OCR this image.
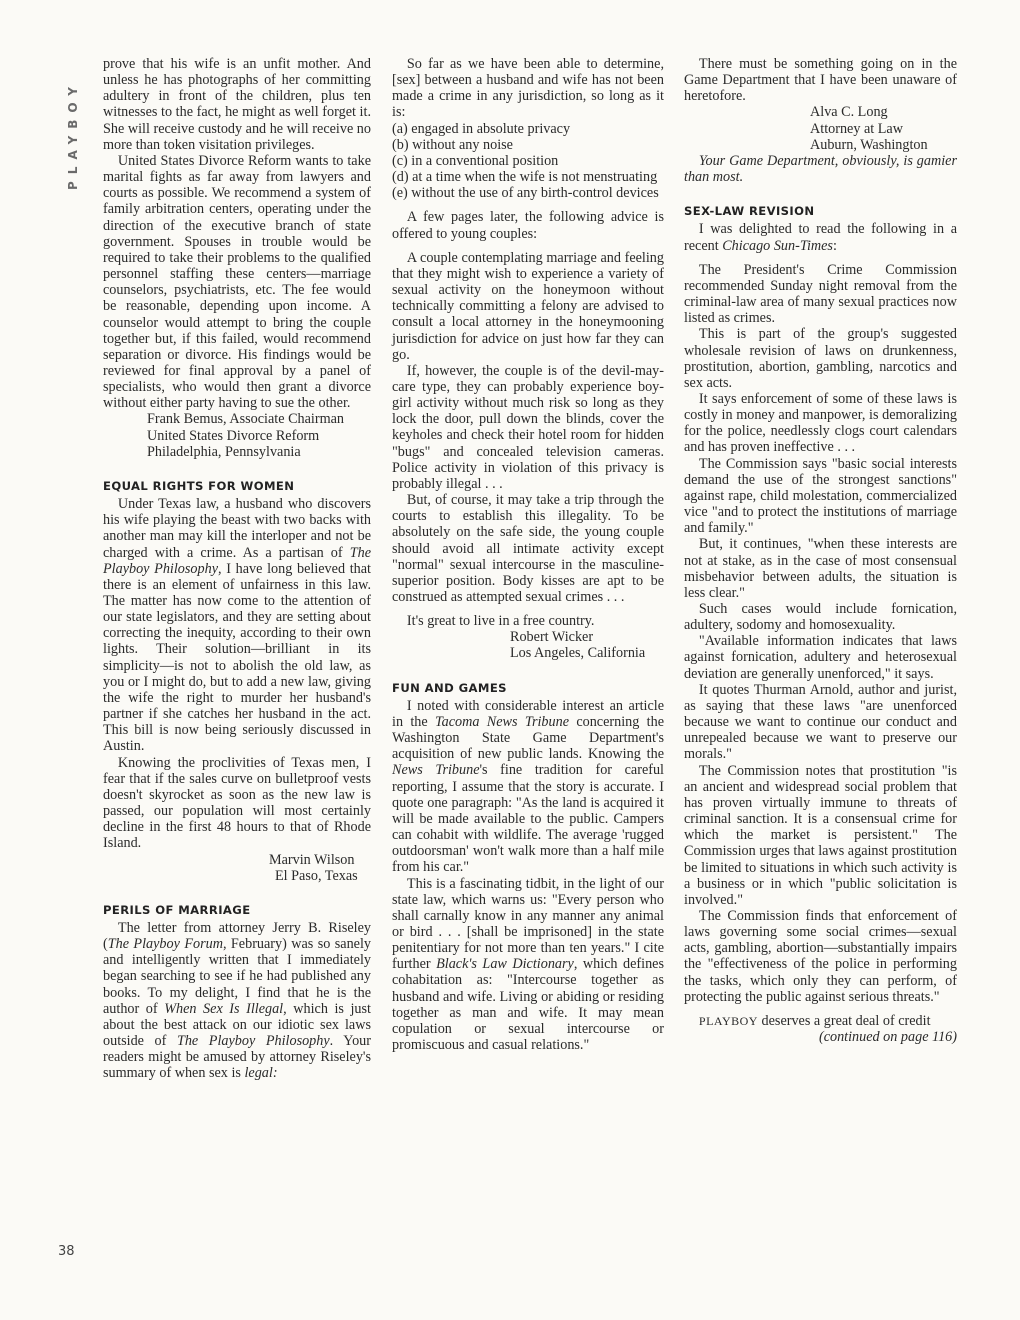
PLAYBOY

prove that his wife is an unfit mother. And unless he has photographs of her committing adultery in front of the children, plus ten witnesses to the fact, he might as well forget it. She will receive custody and he will receive no more than token visitation privileges.

United States Divorce Reform wants to take marital fights as far away from lawyers and courts as possible. We recommend a system of family arbitration centers, operating under the direction of the executive branch of state government. Spouses in trouble would be required to take their problems to the qualified personnel staffing these centers—marriage counselors, psychiatrists, etc. The fee would be reasonable, depending upon income. A counselor would attempt to bring the couple together but, if this failed, would recommend separation or divorce. His findings would be reviewed for final approval by a panel of specialists, who would then grant a divorce without either party having to sue the other.

Frank Bemus, Associate Chairman
United States Divorce Reform
Philadelphia, Pennsylvania
EQUAL RIGHTS FOR WOMEN

Under Texas law, a husband who discovers his wife playing the beast with two backs with another man may kill the interloper and not be charged with a crime. As a partisan of The Playboy Philosophy, I have long believed that there is an element of unfairness in this law. The matter has now come to the attention of our state legislators, and they are setting about correcting the inequity, according to their own lights. Their solution—brilliant in its simplicity—is not to abolish the old law, as you or I might do, but to add a new law, giving the wife the right to murder her husband's partner if she catches her husband in the act. This bill is now being seriously discussed in Austin.

Knowing the proclivities of Texas men, I fear that if the sales curve on bulletproof vests doesn't skyrocket as soon as the new law is passed, our population will most certainly decline in the first 48 hours to that of Rhode Island.

Marvin Wilson
El Paso, Texas
PERILS OF MARRIAGE

The letter from attorney Jerry B. Riseley (The Playboy Forum, February) was so sanely and intelligently written that I immediately began searching to see if he had published any books. To my delight, I find that he is the author of When Sex Is Illegal, which is just about the best attack on our idiotic sex laws outside of The Playboy Philosophy. Your readers might be amused by attorney Riseley's summary of when sex is legal:

So far as we have been able to determine, [sex] between a husband and wife has not been made a crime in any jurisdiction, so long as it is:

(a) engaged in absolute privacy

(b) without any noise

(c) in a conventional position

(d) at a time when the wife is not menstruating

(e) without the use of any birth-control devices

A few pages later, the following advice is offered to young couples:

A couple contemplating marriage and feeling that they might wish to experience a variety of sexual activity on the honeymoon without technically committing a felony are advised to consult a local attorney in the honeymooning jurisdiction for advice on just how far they can go.

If, however, the couple is of the devil-may-care type, they can probably experience boy-girl activity without much risk so long as they lock the door, pull down the blinds, cover the keyholes and check their hotel room for hidden "bugs" and concealed television cameras. Police activity in violation of this privacy is probably illegal . . .

But, of course, it may take a trip through the courts to establish this illegality. To be absolutely on the safe side, the young couple should avoid all intimate activity except "normal" sexual intercourse in the masculine-superior position. Body kisses are apt to be construed as attempted sexual crimes . . .

It's great to live in a free country.

Robert Wicker
Los Angeles, California
FUN AND GAMES

I noted with considerable interest an article in the Tacoma News Tribune concerning the Washington State Game Department's acquisition of new public lands. Knowing the News Tribune's fine tradition for careful reporting, I assume that the story is accurate. I quote one paragraph: "As the land is acquired it will be made available to the public. Campers can cohabit with wildlife. The average 'rugged outdoorsman' won't walk more than a half mile from his car."

This is a fascinating tidbit, in the light of our state law, which warns us: "Every person who shall carnally know in any manner any animal or bird . . . [shall be imprisoned] in the state penitentiary for not more than ten years." I cite further Black's Law Dictionary, which defines cohabitation as: "Intercourse together as husband and wife. Living or abiding or residing together as man and wife. It may mean copulation or sexual intercourse or promiscuous and casual relations."

There must be something going on in the Game Department that I have been unaware of heretofore.

Alva C. Long
Attorney at Law
Auburn, Washington

Your Game Department, obviously, is gamier than most.

SEX-LAW REVISION

I was delighted to read the following in a recent Chicago Sun-Times:

The President's Crime Commission recommended Sunday night removal from the criminal-law area of many sexual practices now listed as crimes.

This is part of the group's suggested wholesale revision of laws on drunkenness, prostitution, abortion, gambling, narcotics and sex acts.

It says enforcement of some of these laws is costly in money and manpower, is demoralizing for the police, needlessly clogs court calendars and has proven ineffective . . .

The Commission says "basic social interests demand the use of the strongest sanctions" against rape, child molestation, commercialized vice "and to protect the institutions of marriage and family."

But, it continues, "when these interests are not at stake, as in the case of most consensual misbehavior between adults, the situation is less clear."

Such cases would include fornication, adultery, sodomy and homosexuality.

"Available information indicates that laws against fornication, adultery and heterosexual deviation are generally unenforced," it says.

It quotes Thurman Arnold, author and jurist, as saying that these laws "are unenforced because we want to continue our conduct and unrepealed because we want to preserve our morals."

The Commission notes that prostitution "is an ancient and widespread social problem that has proven virtually immune to threats of criminal sanction. It is a consensual crime for which the market is persistent." The Commission urges that laws against prostitution be limited to situations in which such activity is a business or in which "public solicitation is involved."

The Commission finds that enforcement of laws governing some social crimes—sexual acts, gambling, abortion—substantially impairs the "effectiveness of the police in performing the tasks, which only they can perform, of protecting the public against serious threats."

PLAYBOY deserves a great deal of credit

(continued on page 116)

38
